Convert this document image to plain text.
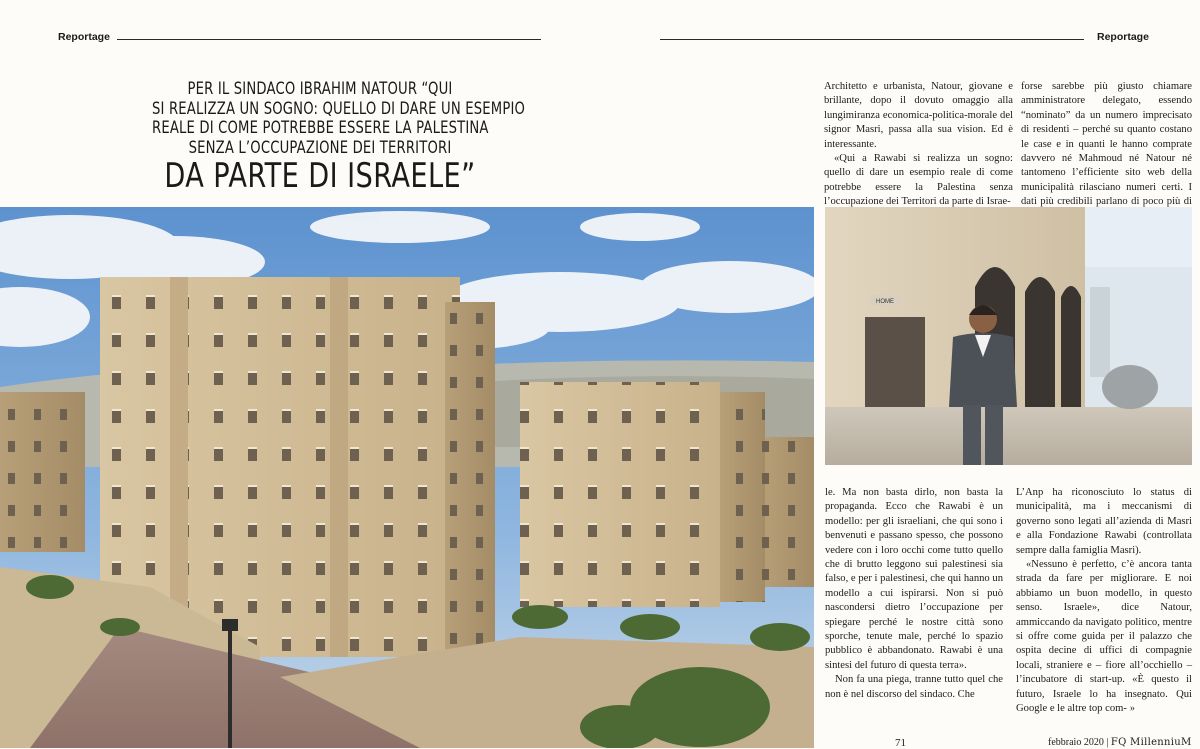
Reportage	Reportage
PER IL SINDACO IBRAHIM NATOUR “QUI
SI REALIZZA UN SOGNO: QUELLO DI DARE UN ESEMPIO
REALE DI COME POTREBBE ESSERE LA PALESTINA
SENZA L’OCCUPAZIONE DEI TERRITORI
DA PARTE DI ISRAELE”

Architetto e urbanista, Natour, giovane e brillante, dopo il dovuto omaggio alla lungimiranza economica-politica-morale del signor Masri, passa alla sua vision. Ed è interessante.

«Qui a Rawabi si realizza un sogno: quello di dare un esempio reale di come potrebbe essere la Palestina senza l’occupazione dei Territori da parte di Israe-

forse sarebbe più giusto chiamare amministratore delegato, essendo “nominato” da un numero imprecisato di residenti – perché su quanto costano le case e in quanti le hanno comprate davvero né Mahmoud né Natour né tantomeno l’efficiente sito web della municipalità rilasciano numeri certi. I dati più credibili parlano di poco più di

le. Ma non basta dirlo, non basta la propaganda. Ecco che Rawabi è un modello: per gli israeliani, che qui sono i benvenuti e passano spesso, che possono vedere con i loro occhi come tutto quello che di brutto leggono sui palestinesi sia falso, e per i palestinesi, che qui hanno un modello a cui ispirarsi. Non si può nascondersi dietro l’occupazione per spiegare perché le nostre città sono sporche, tenute male, perché lo spazio pubblico è abbandonato. Rawabi è una sintesi del futuro di questa terra».

Non fa una piega, tranne tutto quel che non è nel discorso del sindaco. Che

L’Anp ha riconosciuto lo status di municipalità, ma i meccanismi di governo sono legati all’azienda di Masri e alla Fondazione Rawabi (controllata sempre dalla famiglia Masri).

«Nessuno è perfetto, c’è ancora tanta strada da fare per migliorare. E noi abbiamo un buon modello, in questo senso. Israele», dice Natour, ammiccando da navigato politico, mentre si offre come guida per il palazzo che ospita decine di uffici di compagnie locali, straniere e – fiore all’occhiello – l’incubatore di start-up. «È questo il futuro, Israele lo ha insegnato. Qui Google e le altre top com- »

HOME
71	febbraio 2020 | FQ MillenniuM
